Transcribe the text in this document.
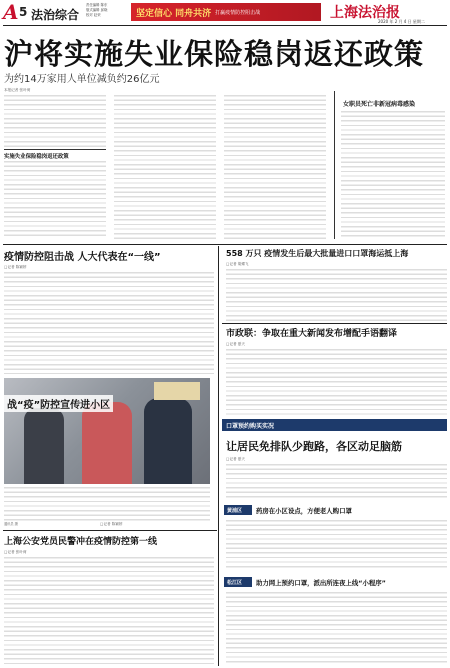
A 5 法治综合
责任编辑 陈东
版式编辑 邱晓
校对 赵荣	坚定信心 同舟共济 打赢疫情防控阻击战	上海法治报
2020 年 2 月 4 日 星期二
沪将实施失业保险稳岗返还政策
为约14万家用人单位减负约26亿元
本报记者 张叶荷
实施失业保险稳岗返还政策
女职员死亡非新冠病毒感染
疫情防控阻击战 人大代表在“一线”
□记者 陈颖婷
558 万只 疫情发生后最大批量进口口罩海运抵上海
□记者 胡蝶飞
市政联：争取在重大新闻发布增配手语翻译
□记者 夏天
战“疫”防控宣传进小区
通讯员 摄	□记者 陈颖婷
口罩预约购买实况
让居民免排队少跑路，各区动足脑筋
□记者 夏天
上海公安党员民警冲在疫情防控第一线
□记者 张叶荷
黄浦区 药房在小区设点，方便老人购口罩
松江区 助力网上预约口罩，派出所连夜上线“小程序”
